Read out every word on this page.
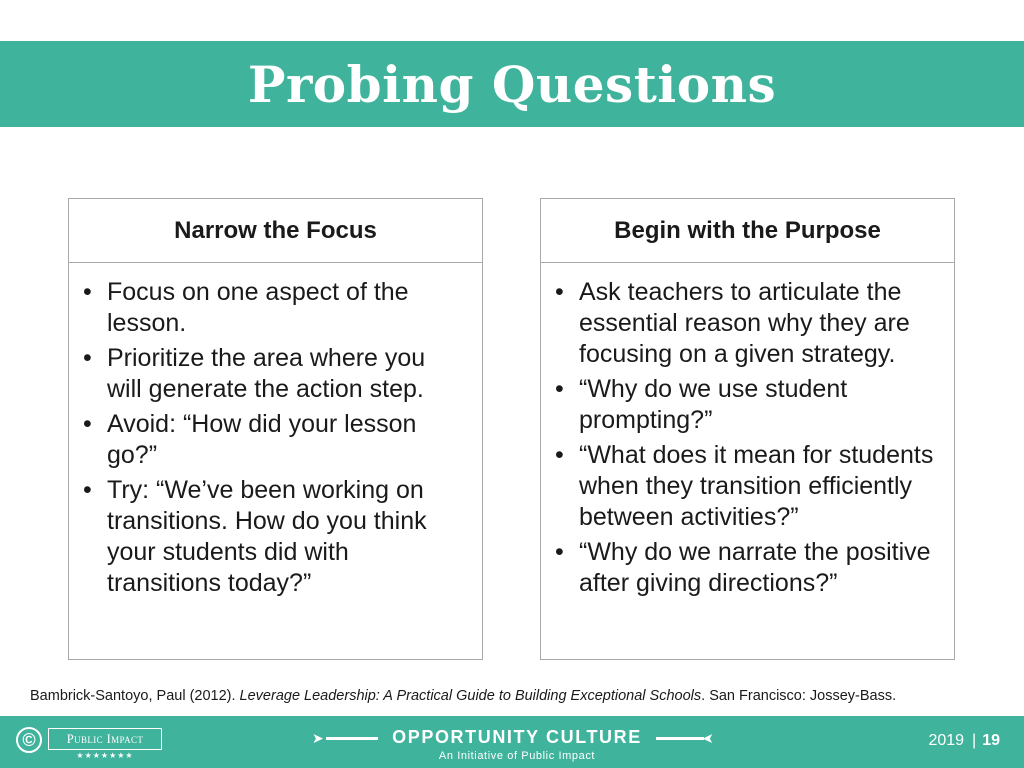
Probing Questions
Narrow the Focus
• Focus on one aspect of the lesson.
• Prioritize the area where you will generate the action step.
• Avoid: “How did your lesson go?”
• Try: “We’ve been working on transitions. How do you think your students did with transitions today?”
Begin with the Purpose
• Ask teachers to articulate the essential reason why they are focusing on a given strategy.
• “Why do we use student prompting?”
• “What does it mean for students when they transition efficiently between activities?”
• “Why do we narrate the positive after giving directions?”
Bambrick-Santoyo, Paul (2012). Leverage Leadership: A Practical Guide to Building Exceptional Schools. San Francisco: Jossey-Bass.
©	Public Impact
★★★★★★★
➤	OPPORTUNITY CULTURE
An Initiative of Public Impact
➤	2019 | 19
